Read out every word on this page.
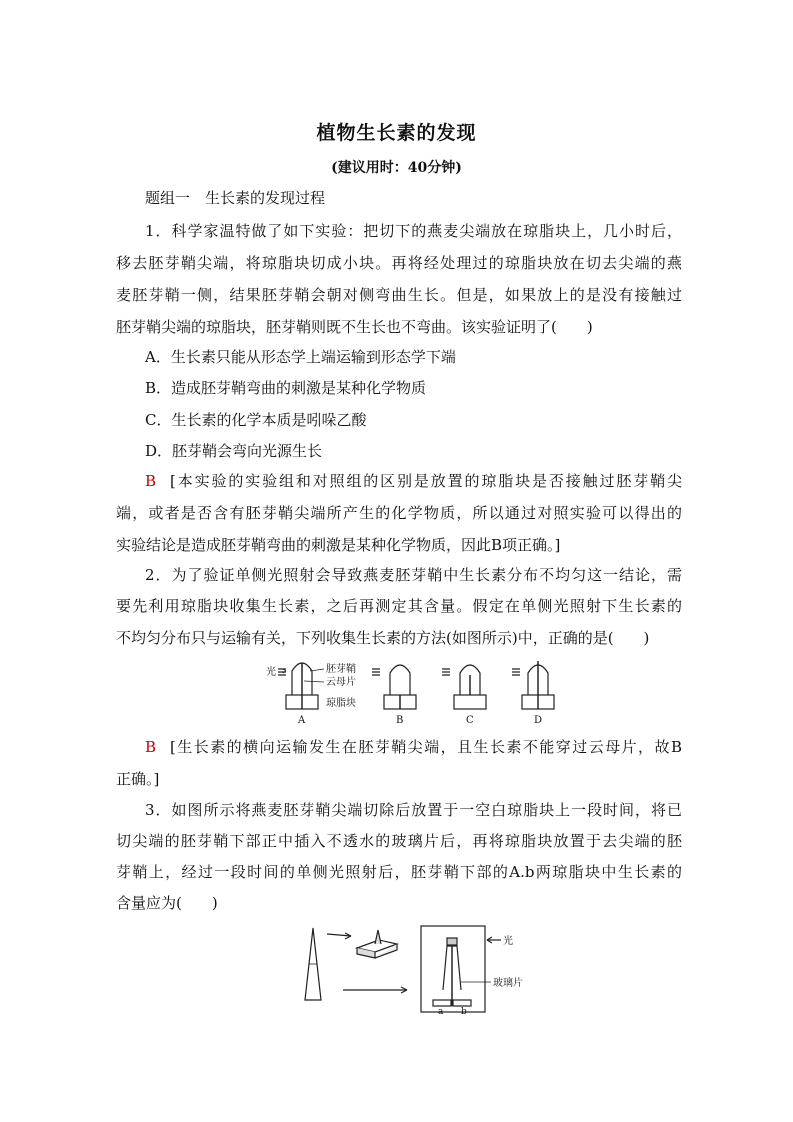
植物生长素的发现
(建议用时：40分钟)
题组一　生长素的发现过程
1．科学家温特做了如下实验：把切下的燕麦尖端放在琼脂块上，几小时后，
移去胚芽鞘尖端，将琼脂块切成小块。再将经处理过的琼脂块放在切去尖端的燕
麦胚芽鞘一侧，结果胚芽鞘会朝对侧弯曲生长。但是，如果放上的是没有接触过
胚芽鞘尖端的琼脂块，胚芽鞘则既不生长也不弯曲。该实验证明了(　　)
A．生长素只能从形态学上端运输到形态学下端
B．造成胚芽鞘弯曲的刺激是某种化学物质
C．生长素的化学本质是吲哚乙酸
D．胚芽鞘会弯向光源生长
B [本实验的实验组和对照组的区别是放置的琼脂块是否接触过胚芽鞘尖
端，或者是否含有胚芽鞘尖端所产生的化学物质，所以通过对照实验可以得出的
实验结论是造成胚芽鞘弯曲的刺激是某种化学物质，因此B项正确。]
2．为了验证单侧光照射会导致燕麦胚芽鞘中生长素分布不均匀这一结论，需
要先利用琼脂块收集生长素，之后再测定其含量。假定在单侧光照射下生长素的
不均匀分布只与运输有关，下列收集生长素的方法(如图所示)中，正确的是(　　)
光	胚芽鞘
云母片
琼脂块
A	B	C	D
B [生长素的横向运输发生在胚芽鞘尖端，且生长素不能穿过云母片，故B
正确。]
3．如图所示将燕麦胚芽鞘尖端切除后放置于一空白琼脂块上一段时间，将已
切尖端的胚芽鞘下部正中插入不透水的玻璃片后，再将琼脂块放置于去尖端的胚
芽鞘上，经过一段时间的单侧光照射后，胚芽鞘下部的A.b两琼脂块中生长素的
含量应为(　　)
光
玻璃片
a b
